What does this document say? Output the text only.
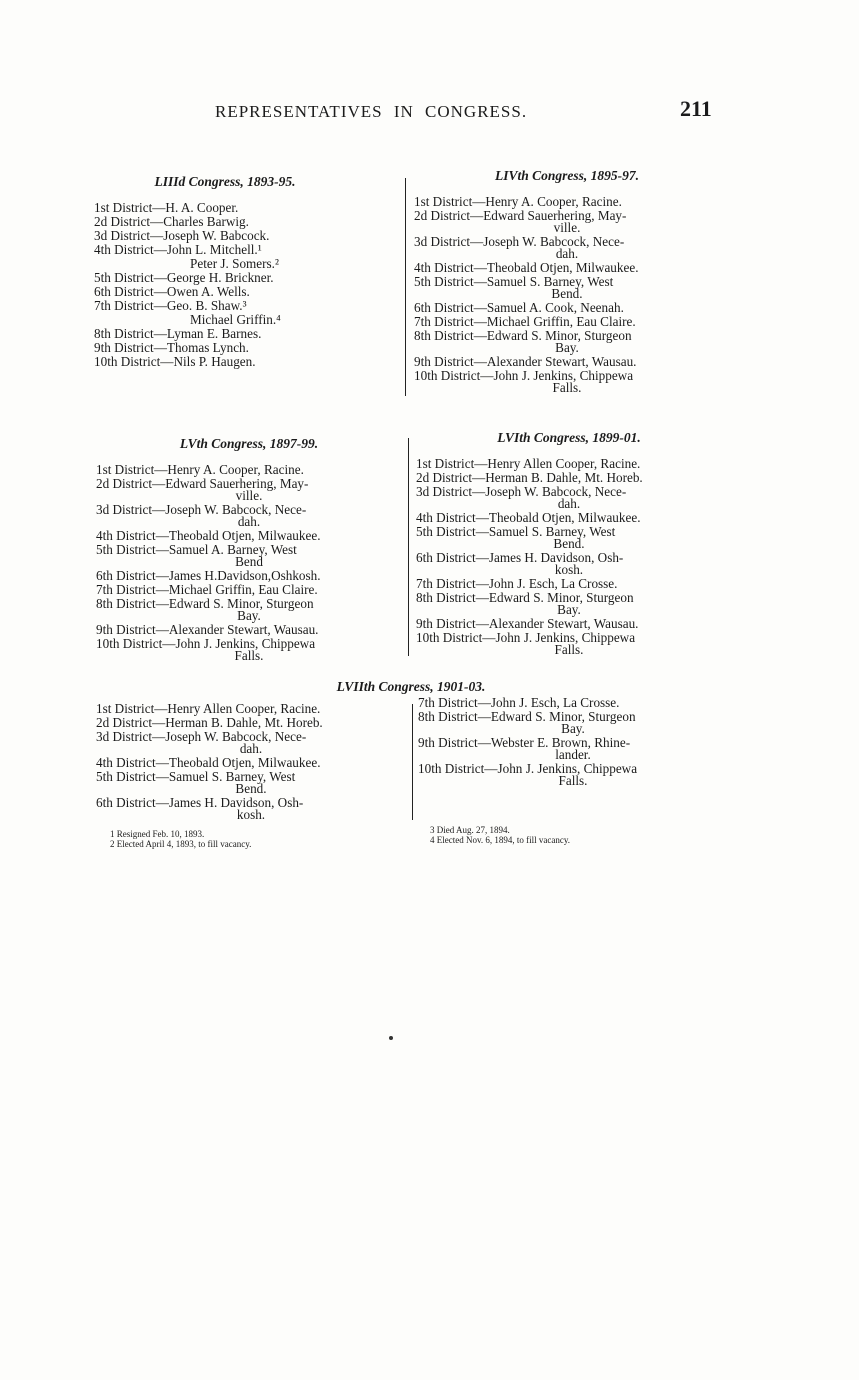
REPRESENTATIVES IN CONGRESS.	211
LIIId Congress, 1893-95.
1st District—H. A. Cooper.
2d District—Charles Barwig.
3d District—Joseph W. Babcock.
4th District—John L. Mitchell.¹
Peter J. Somers.²
5th District—George H. Brickner.
6th District—Owen A. Wells.
7th District—Geo. B. Shaw.³
Michael Griffin.⁴
8th District—Lyman E. Barnes.
9th District—Thomas Lynch.
10th District—Nils P. Haugen.
LIVth Congress, 1895-97.
1st District—Henry A. Cooper, Racine.
2d District—Edward Sauerhering, May-
ville.
3d District—Joseph W. Babcock, Nece-
dah.
4th District—Theobald Otjen, Milwaukee.
5th District—Samuel S. Barney, West
Bend.
6th District—Samuel A. Cook, Neenah.
7th District—Michael Griffin, Eau Claire.
8th District—Edward S. Minor, Sturgeon
Bay.
9th District—Alexander Stewart, Wausau.
10th District—John J. Jenkins, Chippewa
Falls.
LVth Congress, 1897-99.
1st District—Henry A. Cooper, Racine.
2d District—Edward Sauerhering, May-
ville.
3d District—Joseph W. Babcock, Nece-
dah.
4th District—Theobald Otjen, Milwaukee.
5th District—Samuel A. Barney, West
Bend
6th District—James H.Davidson,Oshkosh.
7th District—Michael Griffin, Eau Claire.
8th District—Edward S. Minor, Sturgeon
Bay.
9th District—Alexander Stewart, Wausau.
10th District—John J. Jenkins, Chippewa
Falls.
LVIth Congress, 1899-01.
1st District—Henry Allen Cooper, Racine.
2d District—Herman B. Dahle, Mt. Horeb.
3d District—Joseph W. Babcock, Nece-
dah.
4th District—Theobald Otjen, Milwaukee.
5th District—Samuel S. Barney, West
Bend.
6th District—James H. Davidson, Osh-
kosh.
7th District—John J. Esch, La Crosse.
8th District—Edward S. Minor, Sturgeon
Bay.
9th District—Alexander Stewart, Wausau.
10th District—John J. Jenkins, Chippewa
Falls.
LVIIth Congress, 1901-03.
1st District—Henry Allen Cooper, Racine.
2d District—Herman B. Dahle, Mt. Horeb.
3d District—Joseph W. Babcock, Nece-
dah.
4th District—Theobald Otjen, Milwaukee.
5th District—Samuel S. Barney, West
Bend.
6th District—James H. Davidson, Osh-
kosh.
7th District—John J. Esch, La Crosse.
8th District—Edward S. Minor, Sturgeon
Bay.
9th District—Webster E. Brown, Rhine-
lander.
10th District—John J. Jenkins, Chippewa
Falls.
1 Resigned Feb. 10, 1893.
2 Elected April 4, 1893, to fill vacancy.
3 Died Aug. 27, 1894.
4 Elected Nov. 6, 1894, to fill vacancy.
